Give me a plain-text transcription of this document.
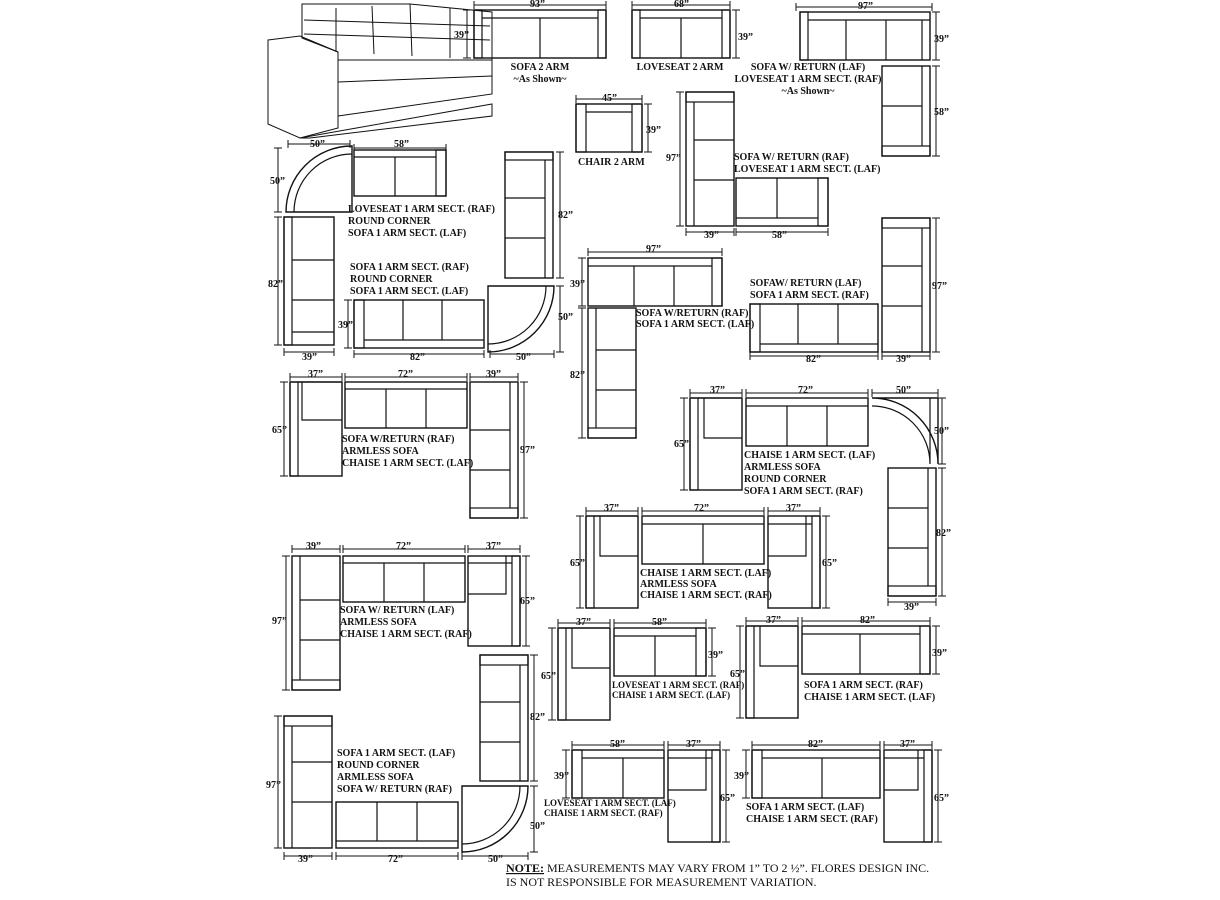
50”	58”
50”
82”
39”
LOVESEAT 1 ARM SECT. (RAF) ROUND CORNER SOFA 1 ARM SECT. (LAF)
SOFA 1 ARM SECT. (RAF) ROUND CORNER SOFA 1 ARM SECT. (LAF)
82”
50”
39”
82”	50”
37”	72”	39”
65”
97”
SOFA W/RETURN (RAF) ARMLESS SOFA CHAISE 1 ARM SECT. (LAF)
39”	72”	37”
97”
65”
SOFA W/ RETURN (LAF) ARMLESS SOFA CHAISE 1 ARM SECT. (RAF)
82”
50”
97”
39”	72”	50”
SOFA 1 ARM SECT. (LAF) ROUND CORNER ARMLESS SOFA SOFA W/ RETURN (RAF)
93”
39”
SOFA 2 ARM ~As Shown~
68”
39”
LOVESEAT 2 ARM
97”
39”
58”
SOFA W/ RETURN (LAF) LOVESEAT 1 ARM SECT. (RAF) ~As Shown~
45”
39”
CHAIR 2 ARM 97”
39”	58”
SOFA W/ RETURN (RAF) LOVESEAT 1 ARM SECT. (LAF)
97”
39”
82”
SOFA W/RETURN (RAF) SOFA 1 ARM SECT. (LAF)
97”
82”	39”
SOFAW/ RETURN (LAF) SOFA 1 ARM SECT. (RAF)
37”	72”	50”
65”
50”
82”
39”
CHAISE 1 ARM SECT. (LAF) ARMLESS SOFA ROUND CORNER SOFA 1 ARM SECT. (RAF)
37”	72”	37”
65”	65”
CHAISE 1 ARM SECT. (LAF) ARMLESS SOFA CHAISE 1 ARM SECT. (RAF)
37”	58”
65”
39”
LOVESEAT 1 ARM SECT. (RAF) CHAISE 1 ARM SECT. (LAF)
37”	82”
65”
39”
SOFA 1 ARM SECT. (RAF) CHAISE 1 ARM SECT. (LAF)
58”	37”
39”
65”
LOVESEAT 1 ARM SECT. (LAF) CHAISE 1 ARM SECT. (RAF)
82”	37”
39”
65”
SOFA 1 ARM SECT. (LAF) CHAISE 1 ARM SECT. (RAF)
NOTE: MEASUREMENTS MAY VARY FROM 1” TO 2 ½”. FLORES DESIGN INC.
IS NOT RESPONSIBLE FOR MEASUREMENT VARIATION.
